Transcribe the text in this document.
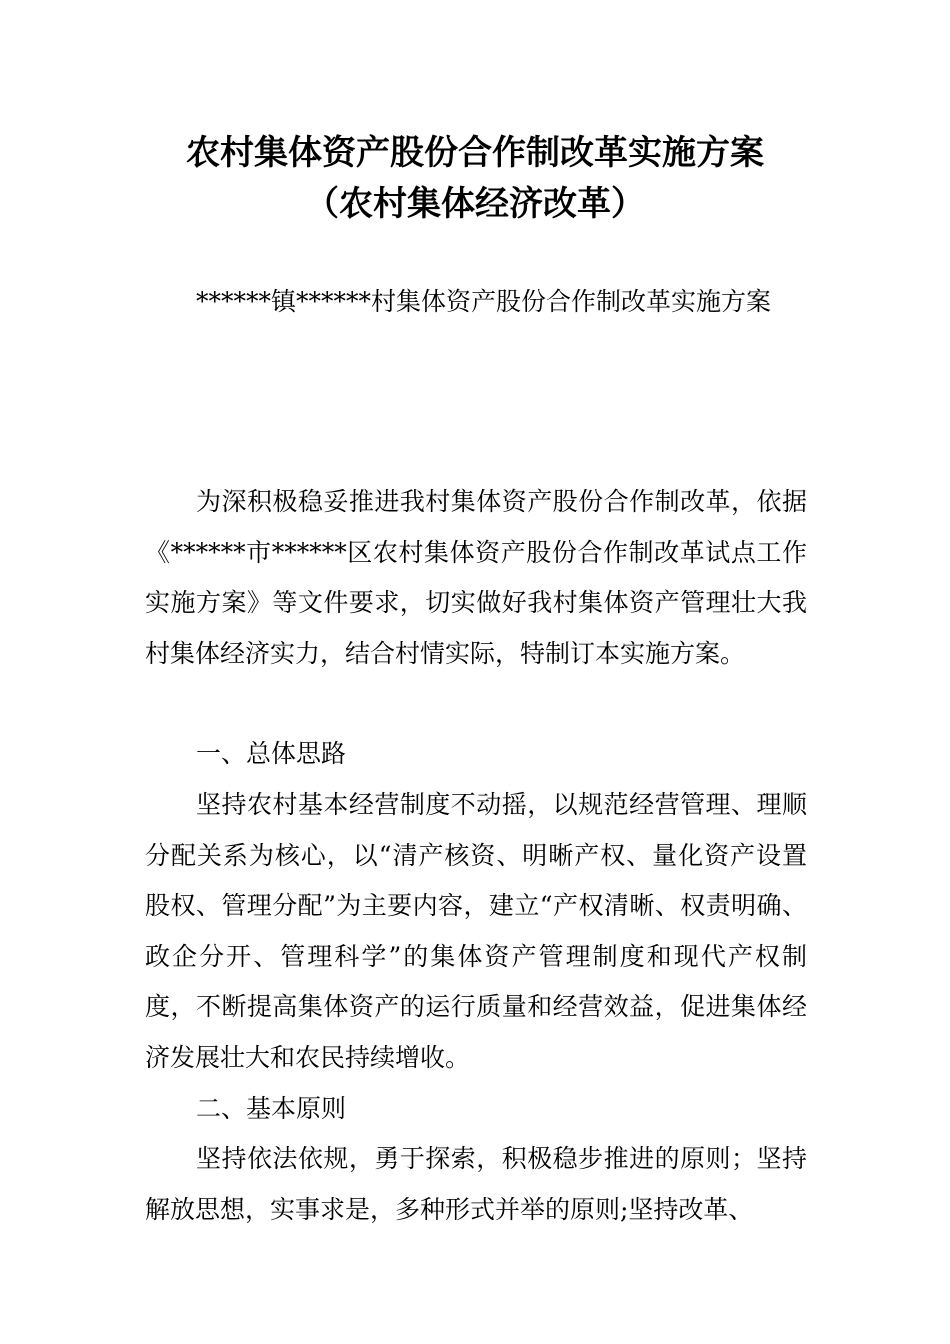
农村集体资产股份合作制改革实施方案
（农村集体经济改革）
******镇******村集体资产股份合作制改革实施方案

为深积极稳妥推进我村集体资产股份合作制改革，依据《******市******区农村集体资产股份合作制改革试点工作实施方案》等文件要求，切实做好我村集体资产管理壮大我村集体经济实力，结合村情实际，特制订本实施方案。

一、总体思路

坚持农村基本经营制度不动摇，以规范经营管理、理顺分配关系为核心，以“清产核资、明晰产权、量化资产设置股权、管理分配”为主要内容，建立“产权清晰、权责明确、政企分开、管理科学”的集体资产管理制度和现代产权制度，不断提高集体资产的运行质量和经营效益，促进集体经济发展壮大和农民持续增收。

二、基本原则

坚持依法依规，勇于探索，积极稳步推进的原则；坚持解放思想，实事求是，多种形式并举的原则;坚持改革、
